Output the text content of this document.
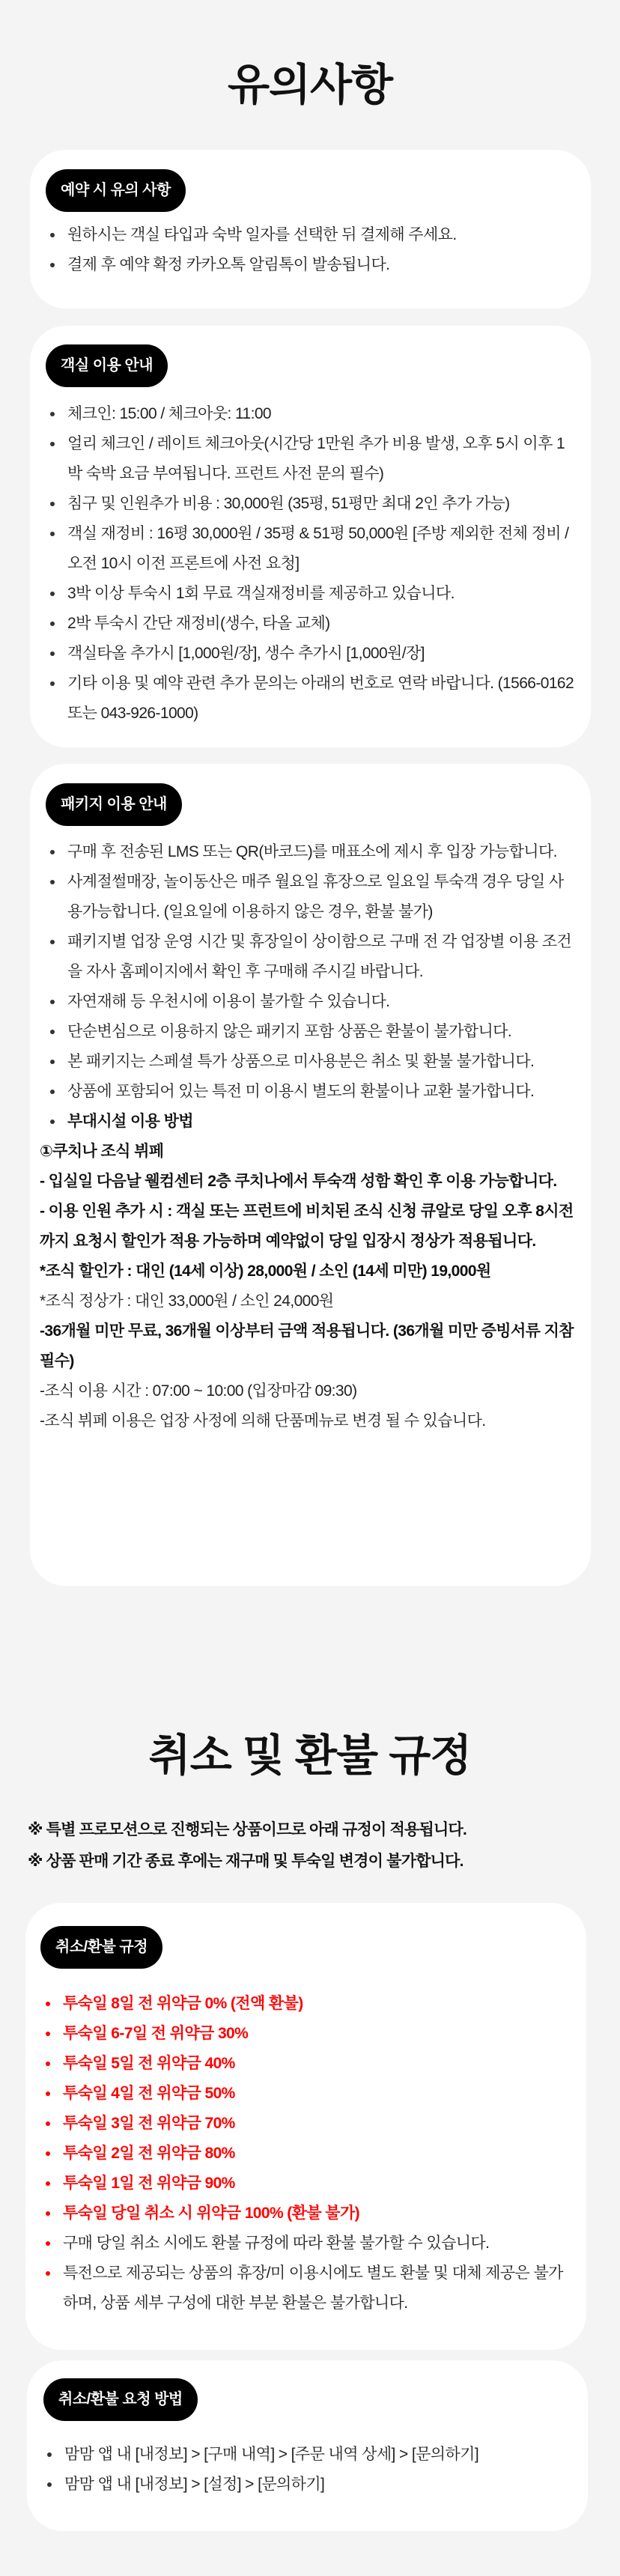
유의사항
예약 시 유의 사항
원하시는 객실 타입과 숙박 일자를 선택한 뒤 결제해 주세요.
결제 후 예약 확정 카카오톡 알림톡이 발송됩니다.
객실 이용 안내
체크인: 15:00 / 체크아웃: 11:00
얼리 체크인 / 레이트 체크아웃(시간당 1만원 추가 비용 발생, 오후 5시 이후 1박 숙박 요금 부여됩니다. 프런트 사전 문의 필수)
침구 및 인원추가 비용 : 30,000원 (35평, 51평만 최대 2인 추가 가능)
객실 재정비 : 16평 30,000원 / 35평 & 51평 50,000원 [주방 제외한 전체 정비 / 오전 10시 이전 프론트에 사전 요청]
3박 이상 투숙시 1회 무료 객실재정비를 제공하고 있습니다.
2박 투숙시 간단 재정비(생수, 타올 교체)
객실타올 추가시 [1,000원/장], 생수 추가시 [1,000원/장]
기타 이용 및 예약 관련 추가 문의는 아래의 번호로 연락 바랍니다. (1566-0162 또는 043-926-1000)
패키지 이용 안내
구매 후 전송된 LMS 또는 QR(바코드)를 매표소에 제시 후 입장 가능합니다.
사계절썰매장, 놀이동산은 매주 월요일 휴장으로 일요일 투숙객 경우 당일 사용가능합니다. (일요일에 이용하지 않은 경우, 환불 불가)
패키지별 업장 운영 시간 및 휴장일이 상이함으로 구매 전 각 업장별 이용 조건을 자사 홈페이지에서 확인 후 구매해 주시길 바랍니다.
자연재해 등 우천시에 이용이 불가할 수 있습니다.
단순변심으로 이용하지 않은 패키지 포함 상품은 환불이 불가합니다.
본 패키지는 스페셜 특가 상품으로 미사용분은 취소 및 환불 불가합니다.
상품에 포함되어 있는 특전 미 이용시 별도의 환불이나 교환 불가합니다.
부대시설 이용 방법

①쿠치나 조식 뷔페

- 입실일 다음날 웰컴센터 2층 쿠치나에서 투숙객 성함 확인 후 이용 가능합니다.

- 이용 인원 추가 시 : 객실 또는 프런트에 비치된 조식 신청 큐알로 당일 오후 8시전까지 요청시 할인가 적용 가능하며 예약없이 당일 입장시 정상가 적용됩니다.

*조식 할인가 : 대인 (14세 이상) 28,000원 / 소인 (14세 미만) 19,000원

*조식 정상가 : 대인 33,000원 / 소인 24,000원

-36개월 미만 무료, 36개월 이상부터 금액 적용됩니다. (36개월 미만 증빙서류 지참 필수)

-조식 이용 시간 : 07:00 ~ 10:00 (입장마감 09:30)

-조식 뷔페 이용은 업장 사정에 의해 단품메뉴로 변경 될 수 있습니다.

취소 및 환불 규정
※ 특별 프로모션으로 진행되는 상품이므로 아래 규정이 적용됩니다.
※ 상품 판매 기간 종료 후에는 재구매 및 투숙일 변경이 불가합니다.
취소/환불 규정
투숙일 8일 전 위약금 0% (전액 환불)
투숙일 6-7일 전 위약금 30%
투숙일 5일 전 위약금 40%
투숙일 4일 전 위약금 50%
투숙일 3일 전 위약금 70%
투숙일 2일 전 위약금 80%
투숙일 1일 전 위약금 90%
투숙일 당일 취소 시 위약금 100% (환불 불가)
구매 당일 취소 시에도 환불 규정에 따라 환불 불가할 수 있습니다.
특전으로 제공되는 상품의 휴장/미 이용시에도 별도 환불 및 대체 제공은 불가하며, 상품 세부 구성에 대한 부분 환불은 불가합니다.
취소/환불 요청 방법
맘맘 앱 내 [내정보] > [구매 내역] > [주문 내역 상세] > [문의하기]
맘맘 앱 내 [내정보] > [설정] > [문의하기]
